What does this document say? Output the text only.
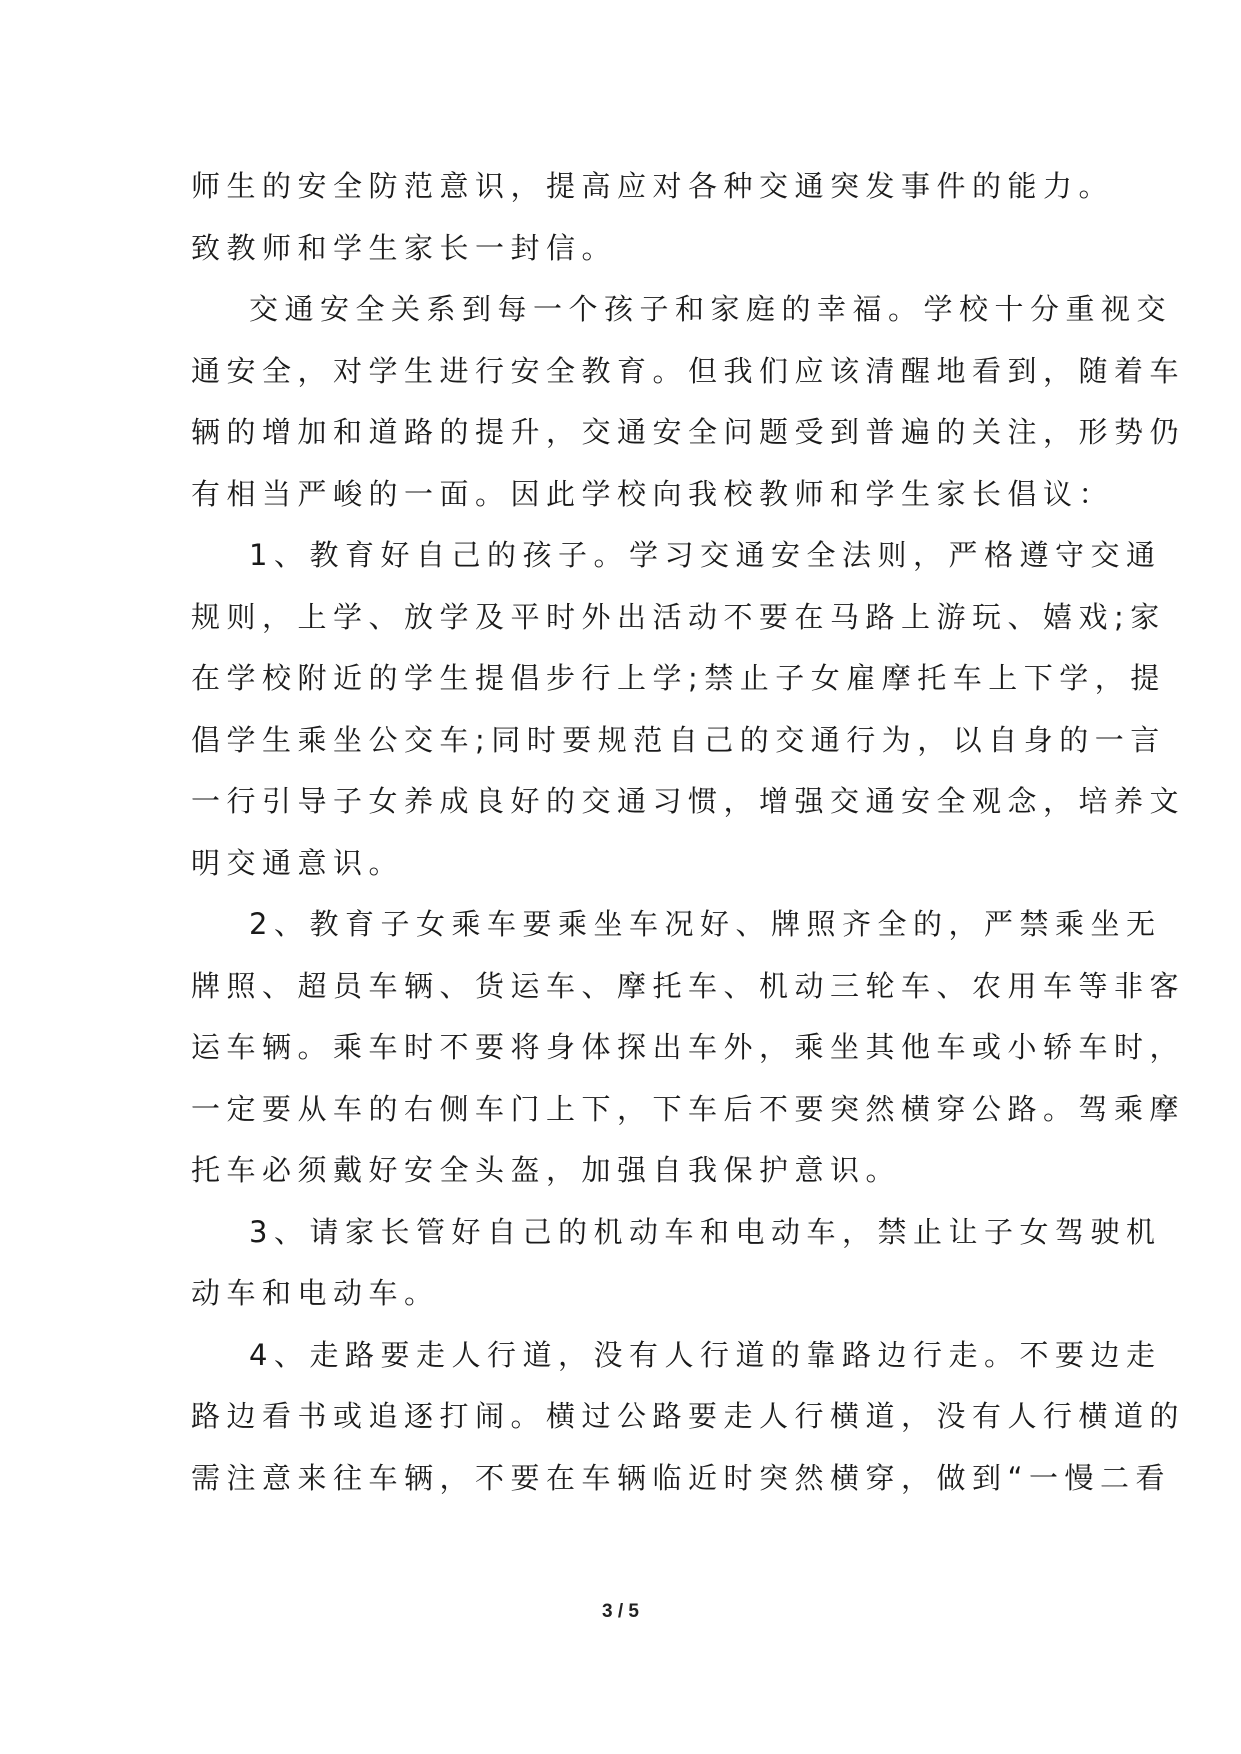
师生的安全防范意识，提高应对各种交通突发事件的能力。
致教师和学生家长一封信。
交通安全关系到每一个孩子和家庭的幸福。学校十分重视交
通安全，对学生进行安全教育。但我们应该清醒地看到，随着车
辆的增加和道路的提升，交通安全问题受到普遍的关注，形势仍
有相当严峻的一面。因此学校向我校教师和学生家长倡议：
1、教育好自己的孩子。学习交通安全法则，严格遵守交通
规则，上学、放学及平时外出活动不要在马路上游玩、嬉戏;家
在学校附近的学生提倡步行上学;禁止子女雇摩托车上下学，提
倡学生乘坐公交车;同时要规范自己的交通行为，以自身的一言
一行引导子女养成良好的交通习惯，增强交通安全观念，培养文
明交通意识。
2、教育子女乘车要乘坐车况好、牌照齐全的，严禁乘坐无
牌照、超员车辆、货运车、摩托车、机动三轮车、农用车等非客
运车辆。乘车时不要将身体探出车外，乘坐其他车或小轿车时，
一定要从车的右侧车门上下，下车后不要突然横穿公路。驾乘摩
托车必须戴好安全头盔，加强自我保护意识。
3、请家长管好自己的机动车和电动车，禁止让子女驾驶机
动车和电动车。
4、走路要走人行道，没有人行道的靠路边行走。不要边走
路边看书或追逐打闹。横过公路要走人行横道，没有人行横道的
需注意来往车辆，不要在车辆临近时突然横穿，做到“一慢二看
3 / 5
